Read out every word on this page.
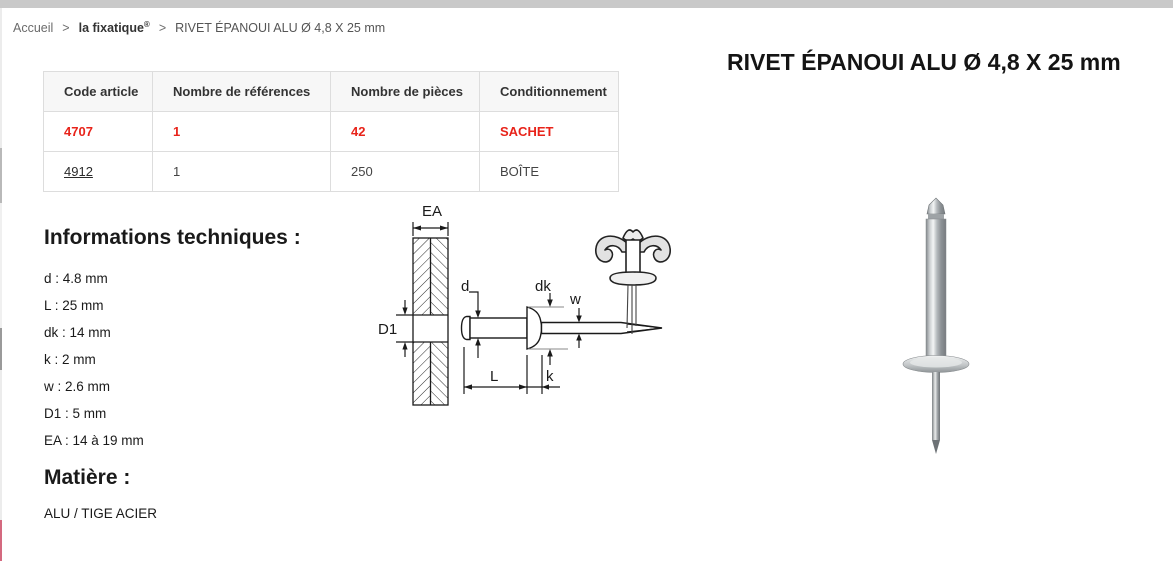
Accueil > la fixatique® > RIVET ÉPANOUI ALU Ø 4,8 X 25 mm
RIVET ÉPANOUI ALU Ø 4,8 X 25 mm
Code article	Nombre de références	Nombre de pièces	Conditionnement
4707	1	42	SACHET
4912	1	250	BOÎTE
Informations techniques :
d : 4.8 mm
L : 25 mm
dk : 14 mm
k : 2 mm
w : 2.6 mm
D1 : 5 mm
EA : 14 à 19 mm
Matière :
ALU / TIGE ACIER
EA
D1
d	dk
w
L	k
